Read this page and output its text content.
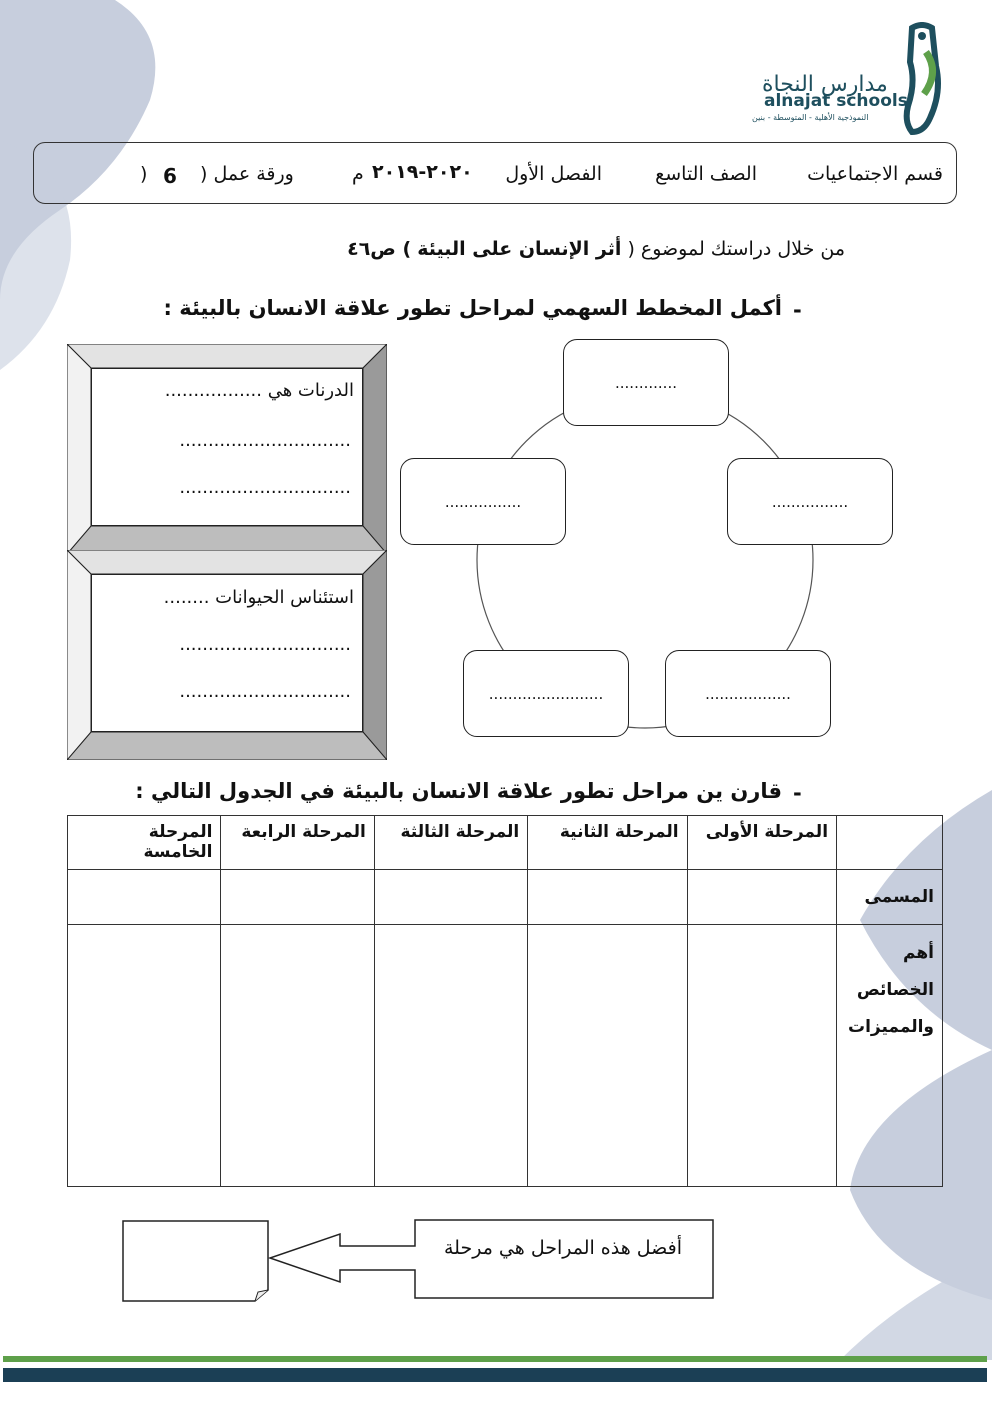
مدارس النجاة
alnajat schools
النموذجية الأهلية - المتوسطة - بنين
قسم الاجتماعيات
الصف التاسع
الفصل الأول
٢٠٢٠-٢٠١٩
م
ورقة عمل (
6
)
من خلال دراستك لموضوع ( أثر الإنسان على البيئة ) ص٤٦
-
أكمل المخطط السهمي لمراحل تطور علاقة الانسان بالبيئة :
.............
................	................
........................	..................
الدرنات هي .................
..............................
..............................
استئناس الحيوانات ........
..............................
..............................
-
قارن ين مراحل تطور علاقة الانسان بالبيئة في الجدول التالي :
	المرحلة الأولى	المرحلة الثانية	المرحلة الثالثة	المرحلة الرابعة	المرحلة الخامسة
المسمى					

أهم
الخصائص
والمميزات					

أفضل هذه المراحل هي مرحلة
